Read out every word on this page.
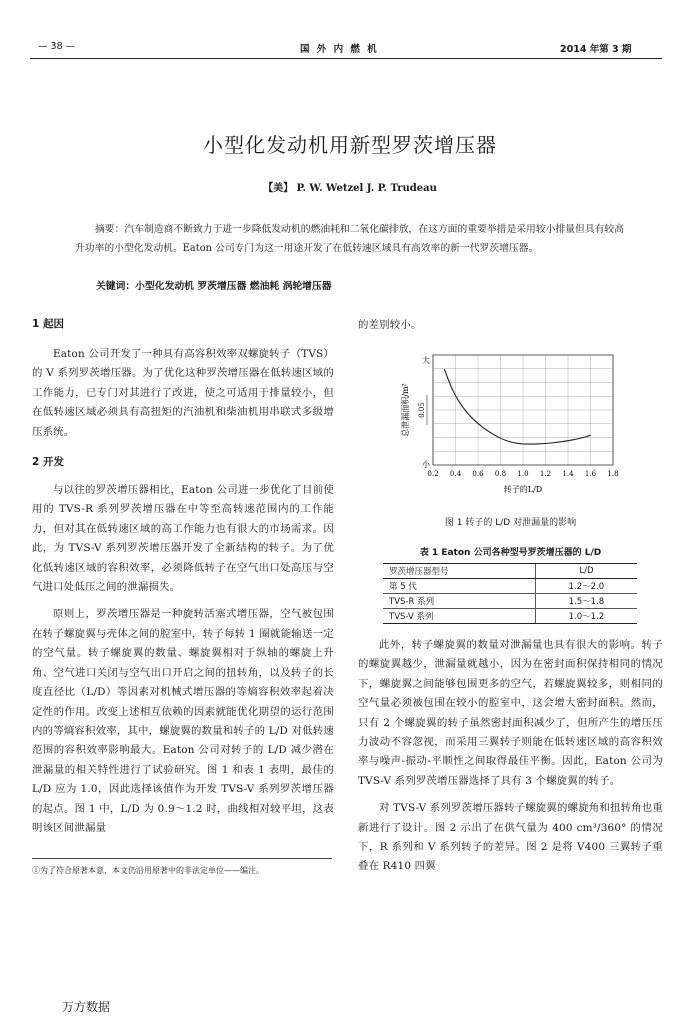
— 38 —	国 外 内 燃 机	2014 年第 3 期
小型化发动机用新型罗茨增压器
【美】 P. W. Wetzel J. P. Trudeau
摘要：汽车制造商不断致力于进一步降低发动机的燃油耗和二氧化碳排放，在这方面的重要举措是采用较小排量但具有较高升功率的小型化发动机。Eaton 公司专门为这一用途开发了在低转速区域具有高效率的新一代罗茨增压器。
关键词：小型化发动机 罗茨增压器 燃油耗 涡轮增压器
1 起因

Eaton 公司开发了一种具有高容积效率双螺旋转子（TVS）的 V 系列罗茨增压器。为了优化这种罗茨增压器在低转速区域的工作能力，已专门对其进行了改进，使之可适用于排量较小，但在低转速区域必须具有高扭矩的汽油机和柴油机用串联式多级增压系统。

2 开发

与以往的罗茨增压器相比，Eaton 公司进一步优化了目前使用的 TVS-R 系列罗茨增压器在中等至高转速范围内的工作能力，但对其在低转速区域的高工作能力也有很大的市场需求。因此，为 TVS-V 系列罗茨增压器开发了全新结构的转子。为了优化低转速区域的容积效率，必须降低转子在空气出口处高压与空气进口处低压之间的泄漏损失。

原则上，罗茨增压器是一种旋转活塞式增压器，空气被包围在转子螺旋翼与壳体之间的腔室中，转子每转 1 圈就能输送一定的空气量。转子螺旋翼的数量、螺旋翼相对于纵轴的螺旋上升角、空气进口关闭与空气出口开启之间的扭转角，以及转子的长度直径比（L/D）等因素对机械式增压器的等熵容积效率起着决定性的作用。改变上述相互依赖的因素就能优化期望的运行范围内的等熵容积效率，其中，螺旋翼的数量和转子的 L/D 对低转速范围的容积效率影响最大。Eaton 公司对转子的 L/D 减少潜在泄漏量的相关特性进行了试验研究。图 1 和表 1 表明，最佳的 L/D 应为 1.0，因此选择该值作为开发 TVS-V 系列罗茨增压器的起点。图 1 中，L/D 为 0.9～1.2 时，曲线相对较平坦，这表明该区间泄漏量

的差别较小。
大
小
0.05
总泄漏面积/m²
0.2 0.4 0.6 0.8 1.0 1.2 1.4 1.6 1.8
转子的L/D
图 1 转子的 L/D 对泄漏量的影响
表 1 Eaton 公司各种型号罗茨增压器的 L/D
罗茨增压器型号	L/D
第 5 代	1.2～2.0
TVS-R 系列	1.5～1.8
TVS-V 系列	1.0～1.2

此外，转子螺旋翼的数量对泄漏量也具有很大的影响。转子的螺旋翼越少，泄漏量就越小，因为在密封面积保持相同的情况下，螺旋翼之间能够包围更多的空气，若螺旋翼较多，则相同的空气量必须被包围在较小的腔室中，这会增大密封面积。然而，只有 2 个螺旋翼的转子虽然密封面积减少了，但所产生的增压压力波动不容忽视，而采用三翼转子则能在低转速区域的高容积效率与噪声-振动-平顺性之间取得最佳平衡。因此，Eaton 公司为 TVS-V 系列罗茨增压器选择了具有 3 个螺旋翼的转子。

对 TVS-V 系列罗茨增压器转子螺旋翼的螺旋角和扭转角也重新进行了设计。图 2 示出了在供气量为 400 cm³/360° 的情况下，R 系列和 V 系列转子的差异。图 2 是将 V400 三翼转子重叠在 R410 四翼

①为了符合原著本意，本文仍沿用原著中的非法定单位——编注。
万方数据
